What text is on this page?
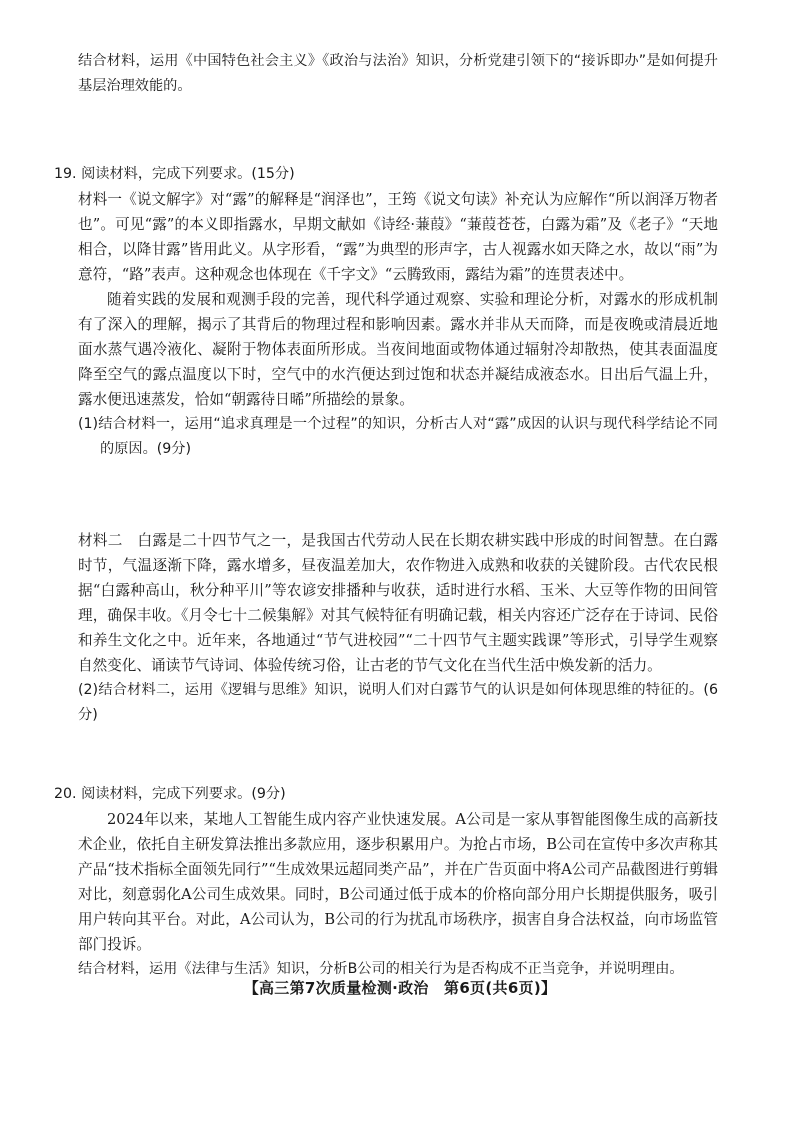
结合材料，运用《中国特色社会主义》《政治与法治》知识，分析党建引领下的“接诉即办”是如何提升基层治理效能的。

19. 阅读材料，完成下列要求。(15分)

材料一《说文解字》对“露”的解释是“润泽也”，王筠《说文句读》补充认为应解作“所以润泽万物者也”。可见“露”的本义即指露水，早期文献如《诗经·蒹葭》“蒹葭苍苍，白露为霜”及《老子》“天地相合，以降甘露”皆用此义。从字形看，“露”为典型的形声字，古人视露水如天降之水，故以“雨”为意符，“路”表声。这种观念也体现在《千字文》“云腾致雨，露结为霜”的连贯表述中。

随着实践的发展和观测手段的完善，现代科学通过观察、实验和理论分析，对露水的形成机制有了深入的理解，揭示了其背后的物理过程和影响因素。露水并非从天而降，而是夜晚或清晨近地面水蒸气遇冷液化、凝附于物体表面所形成。当夜间地面或物体通过辐射冷却散热，使其表面温度降至空气的露点温度以下时，空气中的水汽便达到过饱和状态并凝结成液态水。日出后气温上升，露水便迅速蒸发，恰如“朝露待日晞”所描绘的景象。

(1)结合材料一，运用“追求真理是一个过程”的知识，分析古人对“露”成因的认识与现代科学结论不同的原因。(9分)

材料二　白露是二十四节气之一，是我国古代劳动人民在长期农耕实践中形成的时间智慧。在白露时节，气温逐渐下降，露水增多，昼夜温差加大，农作物进入成熟和收获的关键阶段。古代农民根据“白露种高山，秋分种平川”等农谚安排播种与收获，适时进行水稻、玉米、大豆等作物的田间管理，确保丰收。《月令七十二候集解》对其气候特征有明确记载，相关内容还广泛存在于诗词、民俗和养生文化之中。近年来，各地通过“节气进校园”“二十四节气主题实践课”等形式，引导学生观察自然变化、诵读节气诗词、体验传统习俗，让古老的节气文化在当代生活中焕发新的活力。

(2)结合材料二，运用《逻辑与思维》知识，说明人们对白露节气的认识是如何体现思维的特征的。(6分)

20. 阅读材料，完成下列要求。(9分)

2024年以来，某地人工智能生成内容产业快速发展。A公司是一家从事智能图像生成的高新技术企业，依托自主研发算法推出多款应用，逐步积累用户。为抢占市场，B公司在宣传中多次声称其产品“技术指标全面领先同行”“生成效果远超同类产品”，并在广告页面中将A公司产品截图进行剪辑对比，刻意弱化A公司生成效果。同时，B公司通过低于成本的价格向部分用户长期提供服务，吸引用户转向其平台。对此，A公司认为，B公司的行为扰乱市场秩序，损害自身合法权益，向市场监管部门投诉。

结合材料，运用《法律与生活》知识，分析B公司的相关行为是否构成不正当竞争，并说明理由。

【高三第7次质量检测·政治　第6页(共6页)】
